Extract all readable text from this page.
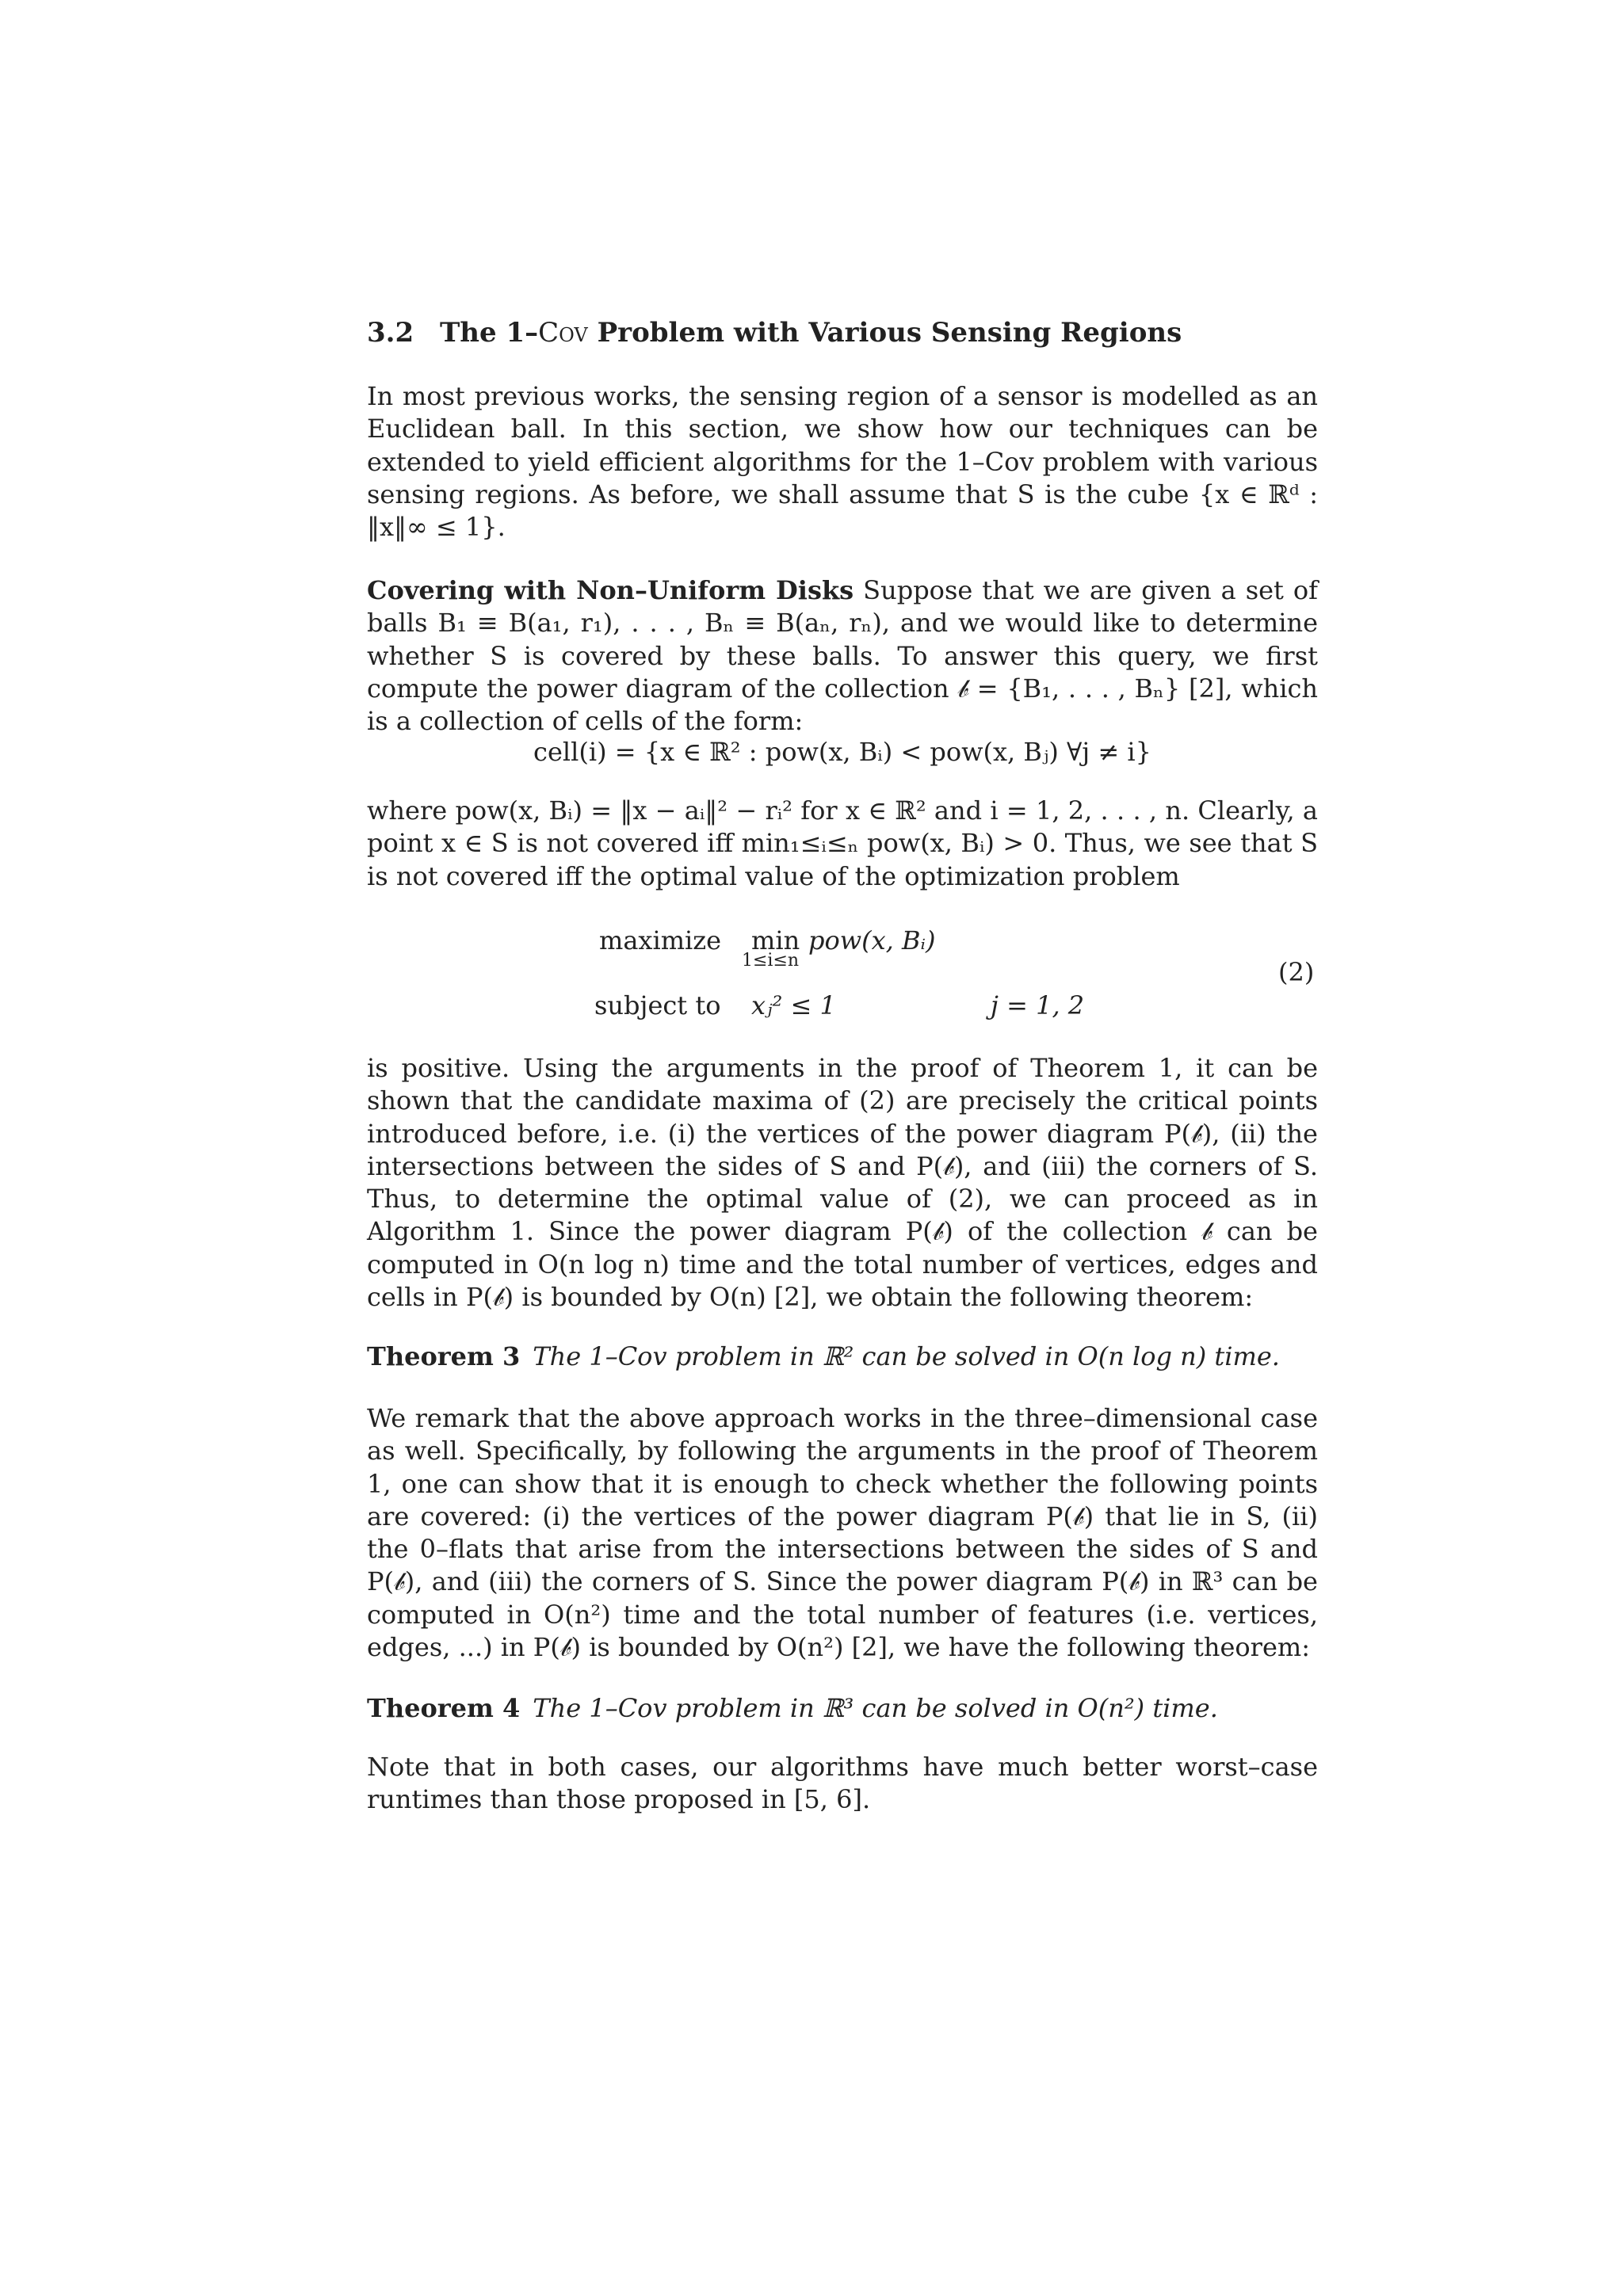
3.2 The 1–Cov Problem with Various Sensing Regions
In most previous works, the sensing region of a sensor is modelled as an Euclidean ball. In this section, we show how our techniques can be extended to yield efficient algorithms for the 1–Cov problem with various sensing regions. As before, we shall assume that S is the cube {x ∈ ℝᵈ : ‖x‖∞ ≤ 1}.
Covering with Non–Uniform Disks Suppose that we are given a set of balls B₁ ≡ B(a₁, r₁), . . . , Bₙ ≡ B(aₙ, rₙ), and we would like to determine whether S is covered by these balls. To answer this query, we first compute the power diagram of the collection 𝒷 = {B₁, . . . , Bₙ} [2], which is a collection of cells of the form:
cell(i) = {x ∈ ℝ² : pow(x, Bᵢ) < pow(x, Bⱼ) ∀j ≠ i}
where pow(x, Bᵢ) = ‖x − aᵢ‖² − rᵢ² for x ∈ ℝ² and i = 1, 2, . . . , n. Clearly, a point x ∈ S is not covered iff min₁≤ᵢ≤ₙ pow(x, Bᵢ) > 0. Thus, we see that S is not covered iff the optimal value of the optimization problem
maximize min
1≤i≤n
pow(x, Bᵢ)
(2)
subject to xⱼ² ≤ 1	j = 1, 2
is positive. Using the arguments in the proof of Theorem 1, it can be shown that the candidate maxima of (2) are precisely the critical points introduced before, i.e. (i) the vertices of the power diagram P(𝒷), (ii) the intersections between the sides of S and P(𝒷), and (iii) the corners of S. Thus, to determine the optimal value of (2), we can proceed as in Algorithm 1. Since the power diagram P(𝒷) of the collection 𝒷 can be computed in O(n log n) time and the total number of vertices, edges and cells in P(𝒷) is bounded by O(n) [2], we obtain the following theorem:
Theorem 3 The 1–Cov problem in ℝ² can be solved in O(n log n) time.
We remark that the above approach works in the three–dimensional case as well. Specifically, by following the arguments in the proof of Theorem 1, one can show that it is enough to check whether the following points are covered: (i) the vertices of the power diagram P(𝒷) that lie in S, (ii) the 0–flats that arise from the intersections between the sides of S and P(𝒷), and (iii) the corners of S. Since the power diagram P(𝒷) in ℝ³ can be computed in O(n²) time and the total number of features (i.e. vertices, edges, ...) in P(𝒷) is bounded by O(n²) [2], we have the following theorem:
Theorem 4 The 1–Cov problem in ℝ³ can be solved in O(n²) time.
Note that in both cases, our algorithms have much better worst–case runtimes than those proposed in [5, 6].
